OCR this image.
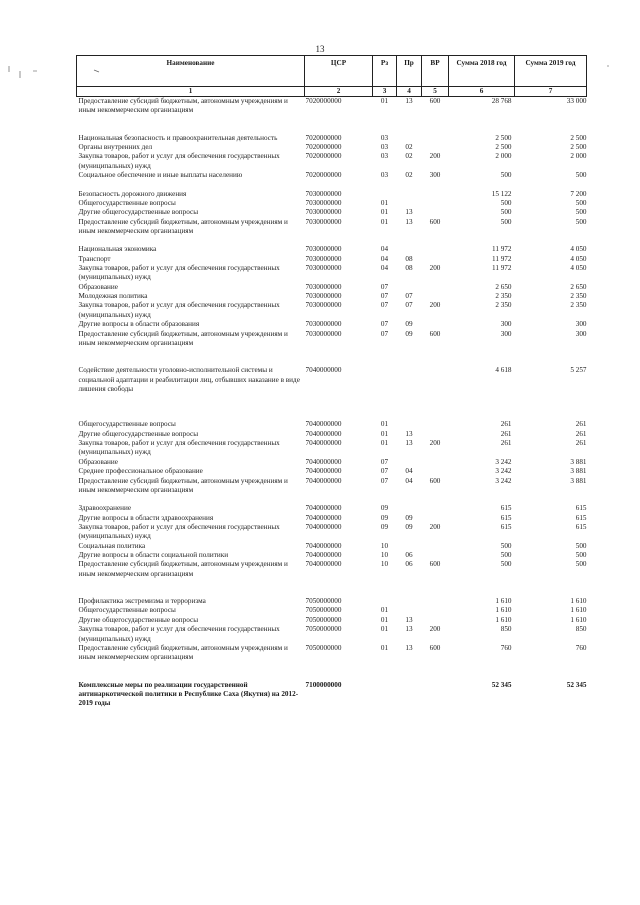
13
Наименование	ЦСР	Рз	Пр	ВР	Сумма 2018 год	Сумма 2019 год
1	2	3	4	5	6	7
Предоставление субсидий бюджетным, автономным учреждениям и иным некоммерческим организациям	7020000000	01	13	600	28 768	33 000

Национальная безопасность и правоохранительная деятельность	7020000000	03			2 500	2 500
Органы внутренних дел	7020000000	03	02		2 500	2 500
Закупка товаров, работ и услуг для обеспечения государственных (муниципальных) нужд	7020000000	03	02	200	2 000	2 000
Социальное обеспечение и иные выплаты населению	7020000000	03	02	300	500	500

Безопасность дорожного движения	7030000000				15 122	7 200
Общегосударственные вопросы	7030000000	01			500	500
Другие общегосударственные вопросы	7030000000	01	13		500	500
Предоставление субсидий бюджетным, автономным учреждениям и иным некоммерческим организациям	7030000000	01	13	600	500	500

Национальная экономика	7030000000	04			11 972	4 050
Транспорт	7030000000	04	08		11 972	4 050
Закупка товаров, работ и услуг для обеспечения государственных (муниципальных) нужд	7030000000	04	08	200	11 972	4 050
Образование	7030000000	07			2 650	2 650
Молодежная политика	7030000000	07	07		2 350	2 350
Закупка товаров, работ и услуг для обеспечения государственных (муниципальных) нужд	7030000000	07	07	200	2 350	2 350
Другие вопросы в области образования	7030000000	07	09		300	300
Предоставление субсидий бюджетным, автономным учреждениям и иным некоммерческим организациям	7030000000	07	09	600	300	300

Содействие деятельности уголовно-исполнительной системы и социальной адаптации и реабилитации лиц, отбывших наказание в виде лишения свободы	7040000000				4 618	5 257

Общегосударственные вопросы	7040000000	01			261	261
Другие общегосударственные вопросы	7040000000	01	13		261	261
Закупка товаров, работ и услуг для обеспечения государственных (муниципальных) нужд	7040000000	01	13	200	261	261
Образование	7040000000	07			3 242	3 881
Среднее профессиональное образование	7040000000	07	04		3 242	3 881
Предоставление субсидий бюджетным, автономным учреждениям и иным некоммерческим организациям	7040000000	07	04	600	3 242	3 881

Здравоохранение	7040000000	09			615	615
Другие вопросы в области здравоохранения	7040000000	09	09		615	615
Закупка товаров, работ и услуг для обеспечения государственных (муниципальных) нужд	7040000000	09	09	200	615	615
Социальная политика	7040000000	10			500	500
Другие вопросы в области социальной политики	7040000000	10	06		500	500
Предоставление субсидий бюджетным, автономным учреждениям и иным некоммерческим организациям	7040000000	10	06	600	500	500

Профилактика экстремизма и терроризма	7050000000				1 610	1 610
Общегосударственные вопросы	7050000000	01			1 610	1 610
Другие общегосударственные вопросы	7050000000	01	13		1 610	1 610
Закупка товаров, работ и услуг для обеспечения государственных (муниципальных) нужд	7050000000	01	13	200	850	850
Предоставление субсидий бюджетным, автономным учреждениям и иным некоммерческим организациям	7050000000	01	13	600	760	760

Комплексные меры по реализации государственной антинаркотической политики в Республике Саха (Якутия) на 2012-2019 годы	7100000000				52 345	52 345
